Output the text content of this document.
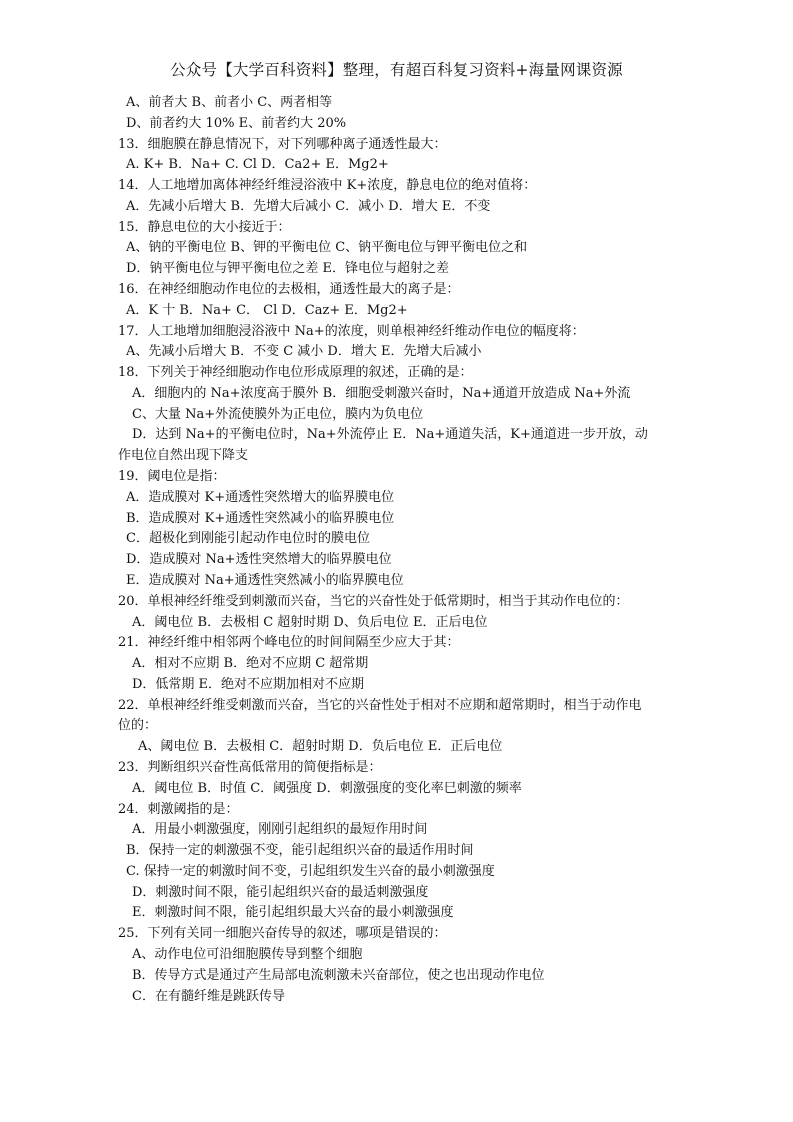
公众号【大学百科资料】整理，有超百科复习资料+海量网课资源
A、前者大 B、前者小 C、两者相等
D、前者约大 10% E、前者约大 20%
13．细胞膜在静息情况下，对下列哪种离子通透性最大：
A. K+ B．Na+ C. Cl D．Ca2+ E．Mg2+
14．人工地增加离体神经纤维浸浴液中 K+浓度，静息电位的绝对值将：
A．先减小后增大 B．先增大后减小 C．减小 D．增大 E．不变
15．静息电位的大小接近于：
A、钠的平衡电位 B、钾的平衡电位 C、钠平衡电位与钾平衡电位之和
D．钠平衡电位与钾平衡电位之差 E．锋电位与超射之差
16．在神经细胞动作电位的去极相，通透性最大的离子是：
A．K 十 B．Na+ C． Cl D．Caz+ E．Mg2+
17．人工地增加细胞浸浴液中 Na+的浓度，则单根神经纤维动作电位的幅度将：
A、先减小后增大 B．不变 C 减小 D．增大 E．先增大后减小
18．下列关于神经细胞动作电位形成原理的叙述，正确的是：
A．细胞内的 Na+浓度高于膜外 B．细胞受刺激兴奋时，Na+通道开放造成 Na+外流
C、大量 Na+外流使膜外为正电位，膜内为负电位
D．达到 Na+的平衡电位时，Na+外流停止 E．Na+通道失活，K+通道进一步开放，动
作电位自然出现下降支
19．阈电位是指：
A．造成膜对 K+通透性突然增大的临界膜电位
B．造成膜对 K+通透性突然减小的临界膜电位
C．超极化到刚能引起动作电位时的膜电位
D．造成膜对 Na+透性突然增大的临界膜电位
E．造成膜对 Na+通透性突然减小的临界膜电位
20．单根神经纤维受到刺激而兴奋，当它的兴奋性处于低常期时，相当于其动作电位的：
A．阈电位 B．去极相 C 超射时期 D、负后电位 E．正后电位
21．神经纤维中相邻两个峰电位的时间间隔至少应大于其：
A．相对不应期 B．绝对不应期 C 超常期
D．低常期 E．绝对不应期加相对不应期
22．单根神经纤维受刺激而兴奋，当它的兴奋性处于相对不应期和超常期时，相当于动作电
位的：
A、阈电位 B．去极相 C．超射时期 D．负后电位 E．正后电位
23．判断组织兴奋性高低常用的简便指标是：
A．阈电位 B．时值 C．阈强度 D．刺激强度的变化率巳刺激的频率
24．刺激阈指的是：
A．用最小刺激强度，刚刚引起组织的最短作用时间
B．保持一定的刺激强不变，能引起组织兴奋的最适作用时间
C. 保持一定的刺激时间不变，引起组织发生兴奋的最小刺激强度
D．刺激时间不限，能引起组织兴奋的最适刺激强度
E．刺激时间不限，能引起组织最大兴奋的最小刺激强度
25．下列有关同一细胞兴奋传导的叙述，哪项是错误的：
A、动作电位可沿细胞膜传导到整个细胞
B．传导方式是通过产生局部电流刺激未兴奋部位，使之也出现动作电位
C．在有髓纤维是跳跃传导
